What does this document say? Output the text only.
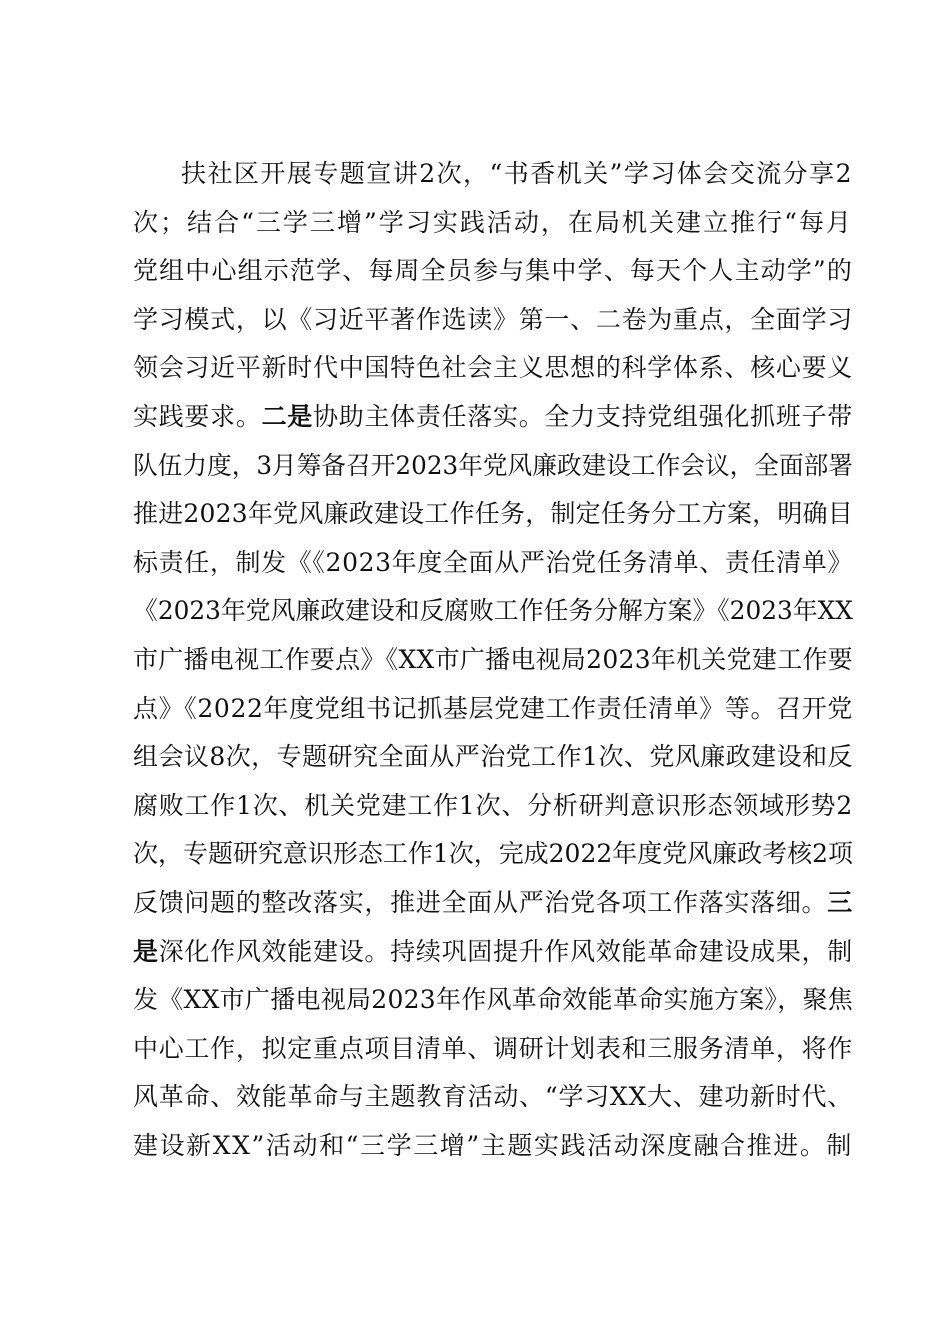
扶社区开展专题宣讲2次，“书香机关”学习体会交流分享2
次；结合“三学三增”学习实践活动，在局机关建立推行“每月
党组中心组示范学、每周全员参与集中学、每天个人主动学”的
学习模式，以《习近平著作选读》第一、二卷为重点，全面学习
领会习近平新时代中国特色社会主义思想的科学体系、核心要义
实践要求。二是协助主体责任落实。全力支持党组强化抓班子带
队伍力度，3月筹备召开2023年党风廉政建设工作会议，全面部署
推进2023年党风廉政建设工作任务，制定任务分工方案，明确目
标责任，制发《《2023年度全面从严治党任务清单、责任清单》
《2023年党风廉政建设和反腐败工作任务分解方案》《2023年XX
市广播电视工作要点》《XX市广播电视局2023年机关党建工作要
点》《2022年度党组书记抓基层党建工作责任清单》等。召开党
组会议8次，专题研究全面从严治党工作1次、党风廉政建设和反
腐败工作1次、机关党建工作1次、分析研判意识形态领域形势2
次，专题研究意识形态工作1次，完成2022年度党风廉政考核2项
反馈问题的整改落实，推进全面从严治党各项工作落实落细。三
是深化作风效能建设。持续巩固提升作风效能革命建设成果，制
发《XX市广播电视局2023年作风革命效能革命实施方案》，聚焦
中心工作，拟定重点项目清单、调研计划表和三服务清单，将作
风革命、效能革命与主题教育活动、“学习XX大、建功新时代、
建设新XX”活动和“三学三增”主题实践活动深度融合推进。制
